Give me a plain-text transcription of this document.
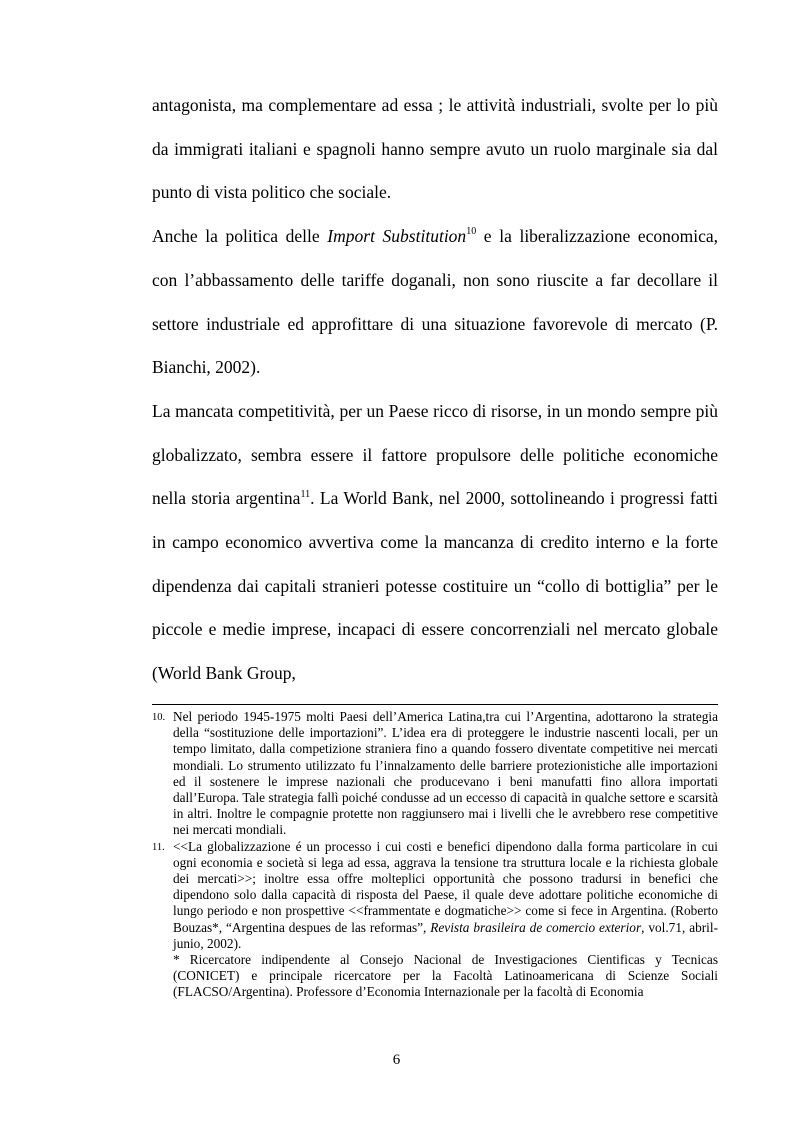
antagonista, ma complementare ad essa ; le attività industriali, svolte per lo più da immigrati italiani e spagnoli hanno sempre avuto un ruolo marginale sia dal punto di vista politico che sociale.

Anche la politica delle Import Substitution$^{10}$ e la liberalizzazione economica, con l’abbassamento delle tariffe doganali, non sono riuscite a far decollare il settore industriale ed approfittare di una situazione favorevole di mercato (P. Bianchi, 2002).

La mancata competitività, per un Paese ricco di risorse, in un mondo sempre più globalizzato, sembra essere il fattore propulsore delle politiche economiche nella storia argentina$^{11}$. La World Bank, nel 2000, sottolineando i progressi fatti in campo economico avvertiva come la mancanza di credito interno e la forte dipendenza dai capitali stranieri potesse costituire un “collo di bottiglia” per le piccole e medie imprese, incapaci di essere concorrenziali nel mercato globale (World Bank Group,

10. Nel periodo 1945-1975 molti Paesi dell’America Latina,tra cui l’Argentina, adottarono la strategia della “sostituzione delle importazioni”. L’idea era di proteggere le industrie nascenti locali, per un tempo limitato, dalla competizione straniera fino a quando fossero diventate competitive nei mercati mondiali. Lo strumento utilizzato fu l’innalzamento delle barriere protezionistiche alle importazioni ed il sostenere le imprese nazionali che producevano i beni manufatti fino allora importati dall’Europa. Tale strategia fallì poiché condusse ad un eccesso di capacità in qualche settore e scarsità in altri. Inoltre le compagnie protette non raggiunsero mai i livelli che le avrebbero rese competitive nei mercati mondiali.

11. <<La globalizzazione é un processo i cui costi e benefici dipendono dalla forma particolare in cui ogni economia e società si lega ad essa, aggrava la tensione tra struttura locale e la richiesta globale dei mercati>>; inoltre essa offre molteplici opportunità che possono tradursi in benefici che dipendono solo dalla capacità di risposta del Paese, il quale deve adottare politiche economiche di lungo periodo e non prospettive <<frammentate e dogmatiche>> come si fece in Argentina. (Roberto Bouzas*, “Argentina despues de las reformas”, Revista brasileira de comercio exterior, vol.71, abril-junio, 2002).

* Ricercatore indipendente al Consejo Nacional de Investigaciones Cientificas y Tecnicas (CONICET) e principale ricercatore per la Facoltà Latinoamericana di Scienze Sociali (FLACSO/Argentina). Professore d’Economia Internazionale per la facoltà di Economia

6
